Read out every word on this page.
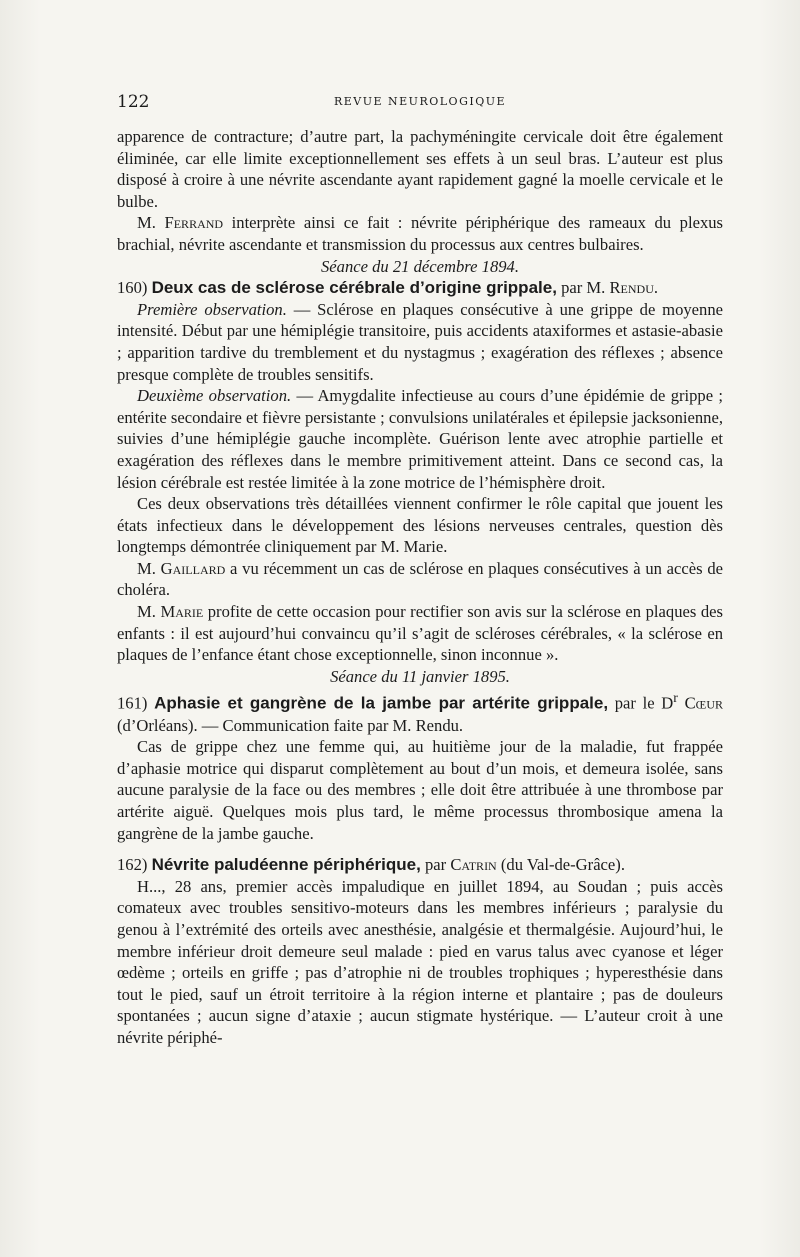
122	REVUE NEUROLOGIQUE

apparence de contracture; d’autre part, la pachyméningite cervicale doit être également éliminée, car elle limite exceptionnellement ses effets à un seul bras. L’auteur est plus disposé à croire à une névrite ascendante ayant rapidement gagné la moelle cervicale et le bulbe.

M. Ferrand interprète ainsi ce fait : névrite périphérique des rameaux du plexus brachial, névrite ascendante et transmission du processus aux centres bulbaires.

Séance du 21 décembre 1894.

160) Deux cas de sclérose cérébrale d’origine grippale, par M. Rendu.

Première observation. — Sclérose en plaques consécutive à une grippe de moyenne intensité. Début par une hémiplégie transitoire, puis accidents ataxiformes et astasie-abasie ; apparition tardive du tremblement et du nystagmus ; exagération des réflexes ; absence presque complète de troubles sensitifs.

Deuxième observation. — Amygdalite infectieuse au cours d’une épidémie de grippe ; entérite secondaire et fièvre persistante ; convulsions unilatérales et épilepsie jacksonienne, suivies d’une hémiplégie gauche incomplète. Guérison lente avec atrophie partielle et exagération des réflexes dans le membre primitivement atteint. Dans ce second cas, la lésion cérébrale est restée limitée à la zone motrice de l’hémisphère droit.

Ces deux observations très détaillées viennent confirmer le rôle capital que jouent les états infectieux dans le développement des lésions nerveuses centrales, question dès longtemps démontrée cliniquement par M. Marie.

M. Gaillard a vu récemment un cas de sclérose en plaques consécutives à un accès de choléra.

M. Marie profite de cette occasion pour rectifier son avis sur la sclérose en plaques des enfants : il est aujourd’hui convaincu qu’il s’agit de scléroses cérébrales, « la sclérose en plaques de l’enfance étant chose exceptionnelle, sinon inconnue ».

Séance du 11 janvier 1895.

161) Aphasie et gangrène de la jambe par artérite grippale, par le $D^r$ Cœur (d’Orléans). — Communication faite par M. Rendu.

Cas de grippe chez une femme qui, au huitième jour de la maladie, fut frappée d’aphasie motrice qui disparut complètement au bout d’un mois, et demeura isolée, sans aucune paralysie de la face ou des membres ; elle doit être attribuée à une thrombose par artérite aiguë. Quelques mois plus tard, le même processus thrombosique amena la gangrène de la jambe gauche.

162) Névrite paludéenne périphérique, par Catrin (du Val-de-Grâce).

H..., 28 ans, premier accès impaludique en juillet 1894, au Soudan ; puis accès comateux avec troubles sensitivo-moteurs dans les membres inférieurs ; paralysie du genou à l’extrémité des orteils avec anesthésie, analgésie et thermalgésie. Aujourd’hui, le membre inférieur droit demeure seul malade : pied en varus talus avec cyanose et léger œdème ; orteils en griffe ; pas d’atrophie ni de troubles trophiques ; hyperesthésie dans tout le pied, sauf un étroit territoire à la région interne et plantaire ; pas de douleurs spontanées ; aucun signe d’ataxie ; aucun stigmate hystérique. — L’auteur croit à une névrite périphé-
